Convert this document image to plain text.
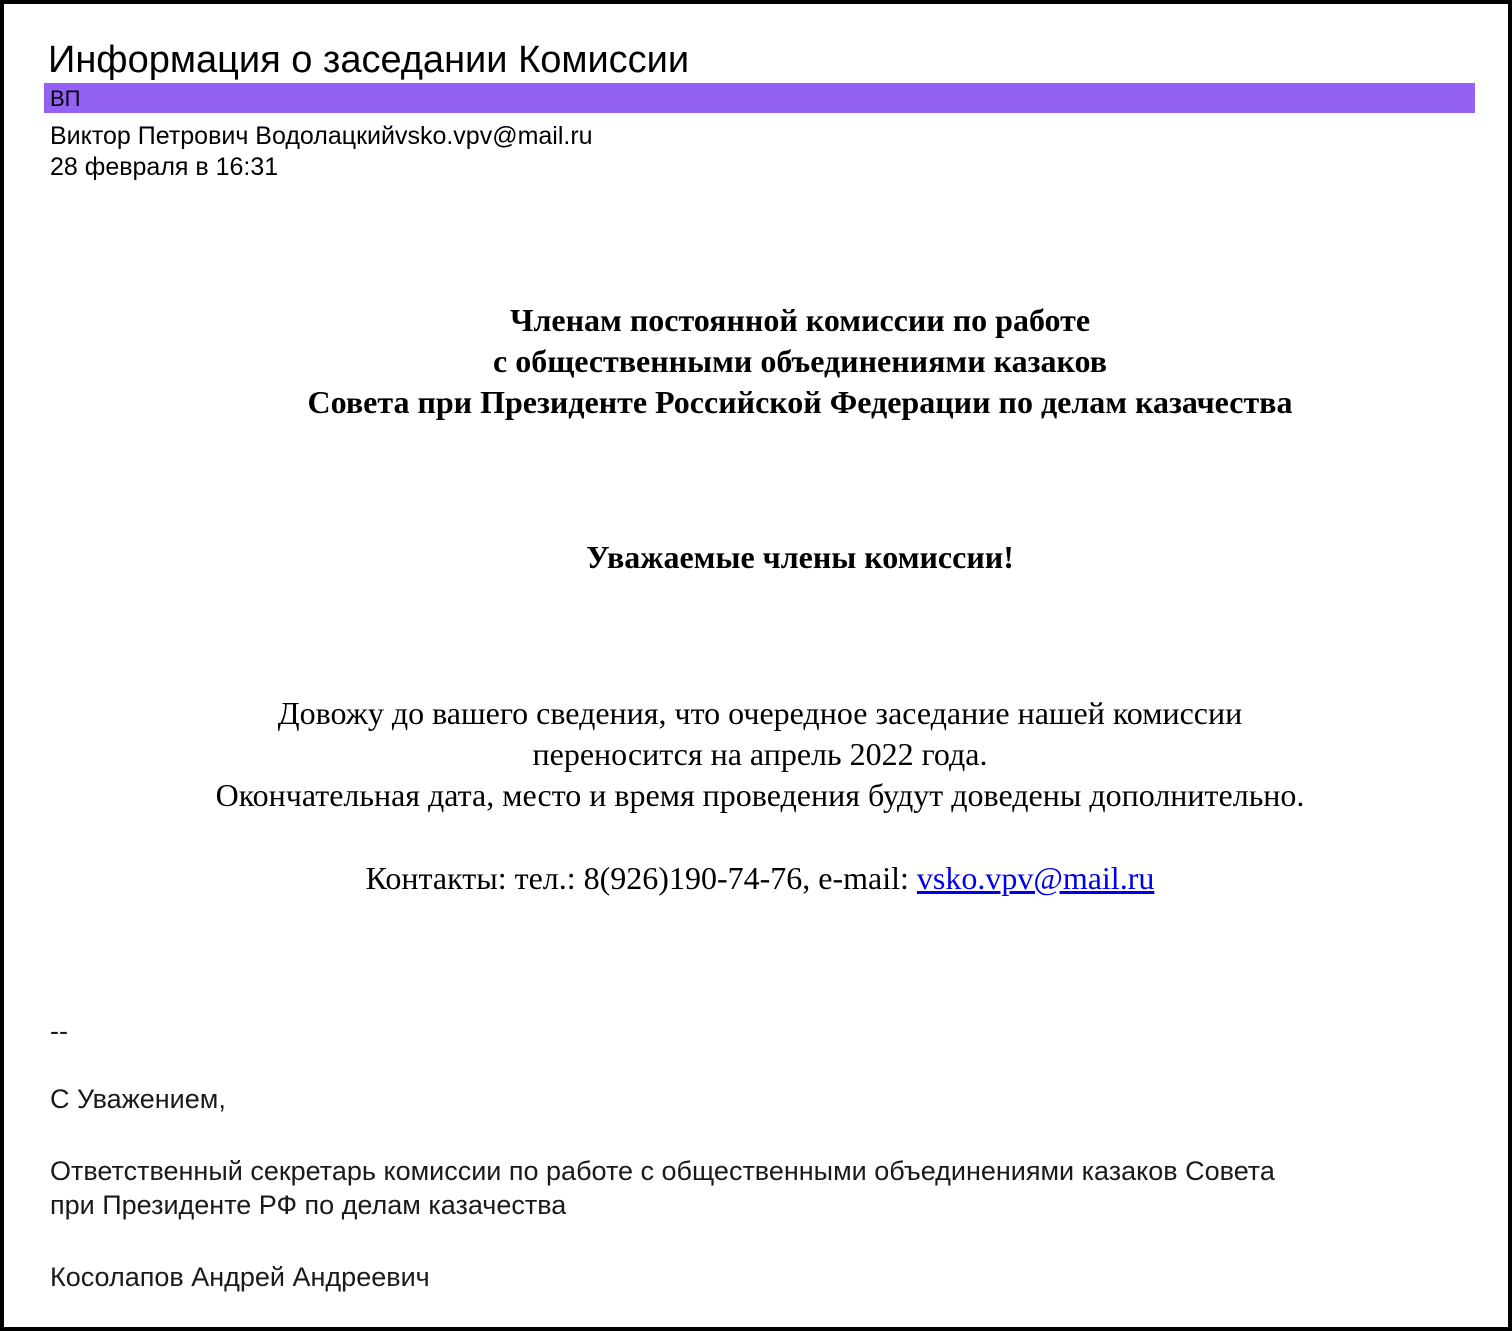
Информация о заседании Комиссии
ВП
Виктор Петрович Водолацкийvsko.vpv@mail.ru
28 февраля в 16:31
Членам постоянной комиссии по работе
с общественными объединениями казаков
Совета при Президенте Российской Федерации по делам казачества
Уважаемые члены комиссии!
Довожу до вашего сведения, что очередное заседание нашей комиссии
переносится на апрель 2022 года.
Окончательная дата, место и время проведения будут доведены дополнительно.
Контакты: тел.: 8(926)190-74-76, e-mail: vsko.vpv@mail.ru
--
С Уважением,
Ответственный секретарь комиссии по работе с общественными объединениями казаков Совета
при Президенте РФ по делам казачества
Косолапов Андрей Андреевич
